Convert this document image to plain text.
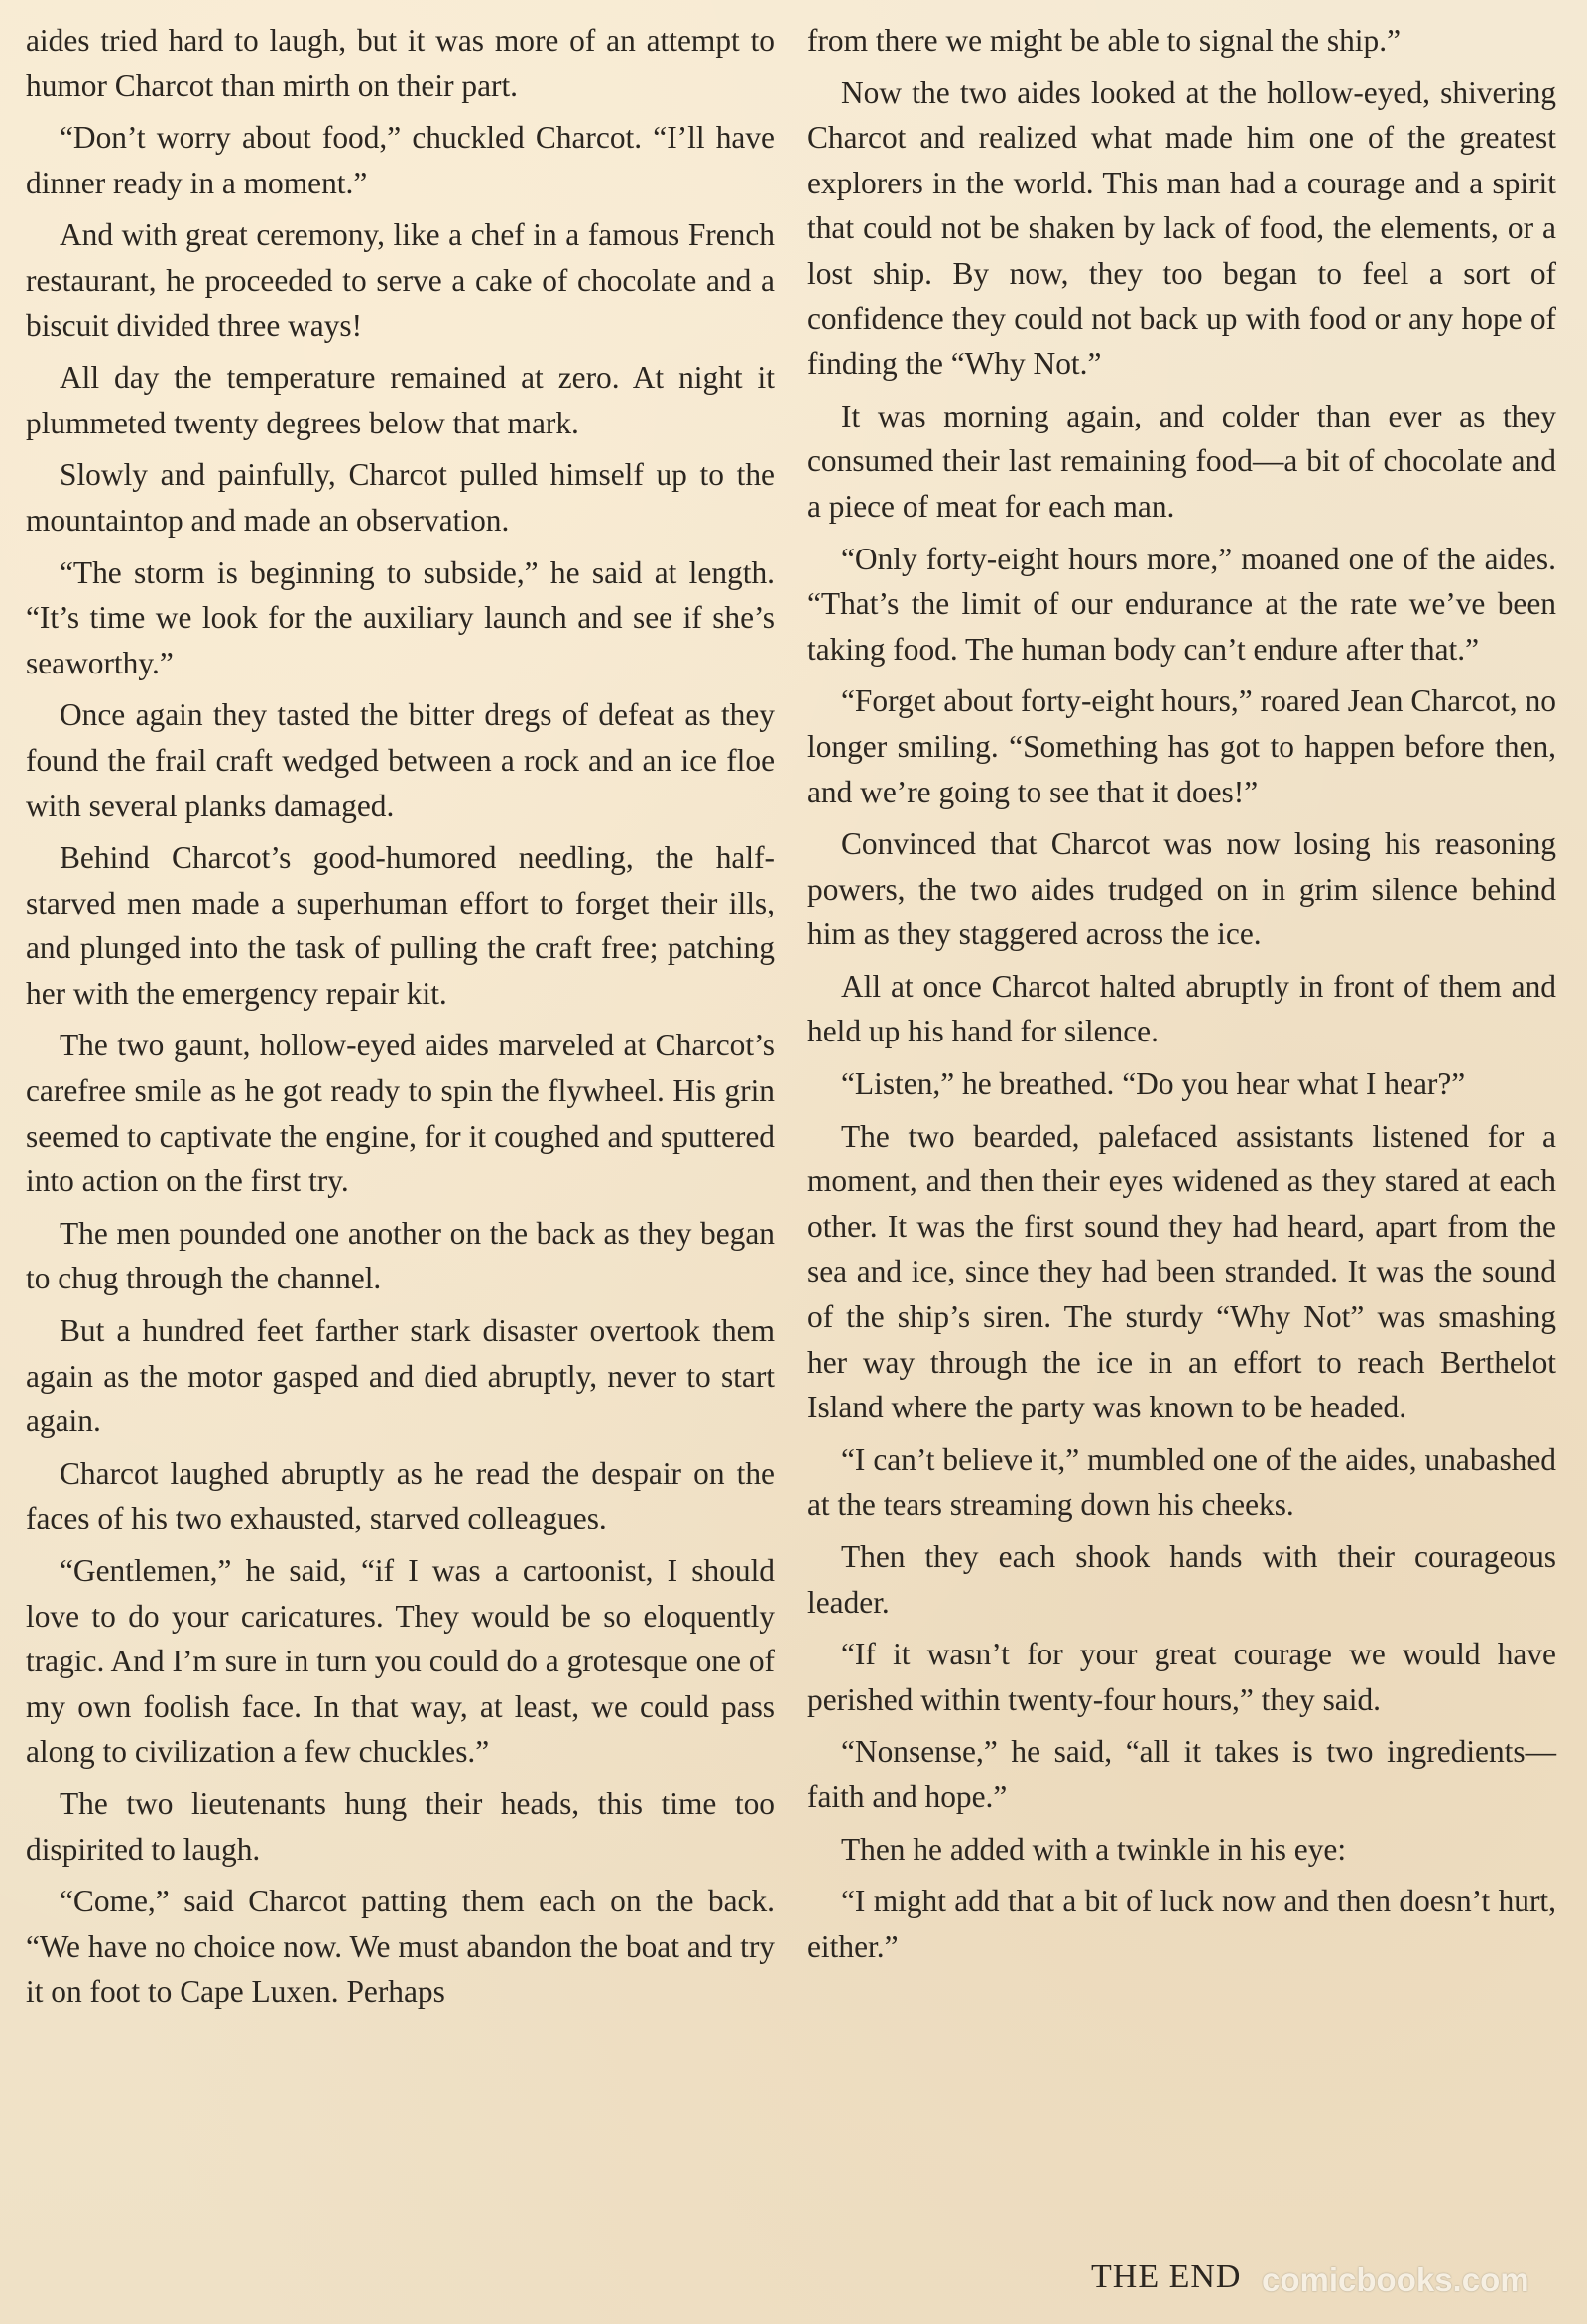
aides tried hard to laugh, but it was more of an attempt to humor Charcot than mirth on their part.

“Don’t worry about food,” chuckled Charcot. “I’ll have dinner ready in a moment.”

And with great ceremony, like a chef in a famous French restaurant, he proceeded to serve a cake of chocolate and a biscuit divided three ways!

All day the temperature remained at zero. At night it plummeted twenty degrees below that mark.

Slowly and painfully, Charcot pulled himself up to the mountaintop and made an observation.

“The storm is beginning to subside,” he said at length. “It’s time we look for the auxiliary launch and see if she’s seaworthy.”

Once again they tasted the bitter dregs of defeat as they found the frail craft wedged between a rock and an ice floe with several planks damaged.

Behind Charcot’s good-humored needling, the half-starved men made a superhuman effort to forget their ills, and plunged into the task of pulling the craft free; patching her with the emergency repair kit.

The two gaunt, hollow-eyed aides marveled at Charcot’s carefree smile as he got ready to spin the flywheel. His grin seemed to captivate the engine, for it coughed and sputtered into action on the first try.

The men pounded one another on the back as they began to chug through the channel.

But a hundred feet farther stark disaster overtook them again as the motor gasped and died abruptly, never to start again.

Charcot laughed abruptly as he read the despair on the faces of his two exhausted, starved colleagues.

“Gentlemen,” he said, “if I was a cartoonist, I should love to do your caricatures. They would be so eloquently tragic. And I’m sure in turn you could do a grotesque one of my own foolish face. In that way, at least, we could pass along to civilization a few chuckles.”

The two lieutenants hung their heads, this time too dispirited to laugh.

“Come,” said Charcot patting them each on the back. “We have no choice now. We must abandon the boat and try it on foot to Cape Luxen. Perhaps

from there we might be able to signal the ship.”

Now the two aides looked at the hollow-eyed, shivering Charcot and realized what made him one of the greatest explorers in the world. This man had a courage and a spirit that could not be shaken by lack of food, the elements, or a lost ship. By now, they too began to feel a sort of confidence they could not back up with food or any hope of finding the “Why Not.”

It was morning again, and colder than ever as they consumed their last remaining food—a bit of chocolate and a piece of meat for each man.

“Only forty-eight hours more,” moaned one of the aides. “That’s the limit of our endurance at the rate we’ve been taking food. The human body can’t endure after that.”

“Forget about forty-eight hours,” roared Jean Charcot, no longer smiling. “Something has got to happen before then, and we’re going to see that it does!”

Convinced that Charcot was now losing his reasoning powers, the two aides trudged on in grim silence behind him as they staggered across the ice.

All at once Charcot halted abruptly in front of them and held up his hand for silence.

“Listen,” he breathed. “Do you hear what I hear?”

The two bearded, palefaced assistants listened for a moment, and then their eyes widened as they stared at each other. It was the first sound they had heard, apart from the sea and ice, since they had been stranded. It was the sound of the ship’s siren. The sturdy “Why Not” was smashing her way through the ice in an effort to reach Berthelot Island where the party was known to be headed.

“I can’t believe it,” mumbled one of the aides, unabashed at the tears streaming down his cheeks.

Then they each shook hands with their courageous leader.

“If it wasn’t for your great courage we would have perished within twenty-four hours,” they said.

“Nonsense,” he said, “all it takes is two ingredients—faith and hope.”

Then he added with a twinkle in his eye:

“I might add that a bit of luck now and then doesn’t hurt, either.”

THE END comicbooks.com
